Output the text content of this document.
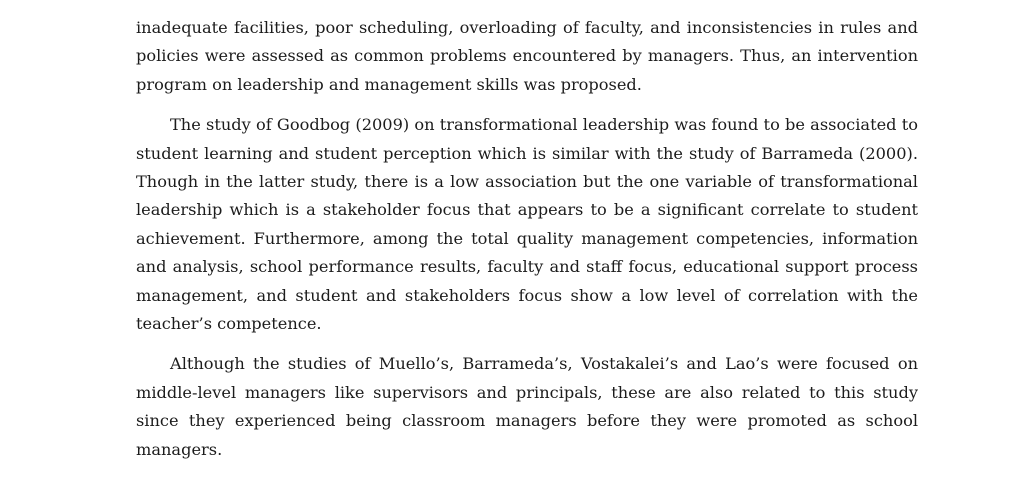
inadequate facilities, poor scheduling, overloading of faculty, and inconsistencies in rules and policies were assessed as common problems encountered by managers. Thus, an intervention program on leadership and management skills was proposed.

The study of Goodbog (2009) on transformational leadership was found to be associated to student learning and student perception which is similar with the study of Barrameda (2000). Though in the latter study, there is a low association but the one variable of transformational leadership which is a stakeholder focus that appears to be a significant correlate to student achievement. Furthermore, among the total quality management competencies, information and analysis, school performance results, faculty and staff focus, educational support process management, and student and stakeholders focus show a low level of correlation with the teacher’s competence.

Although the studies of Muello’s, Barrameda’s, Vostakalei’s and Lao’s were focused on middle-level managers like supervisors and principals, these are also related to this study since they experienced being classroom managers before they were promoted as school managers.
